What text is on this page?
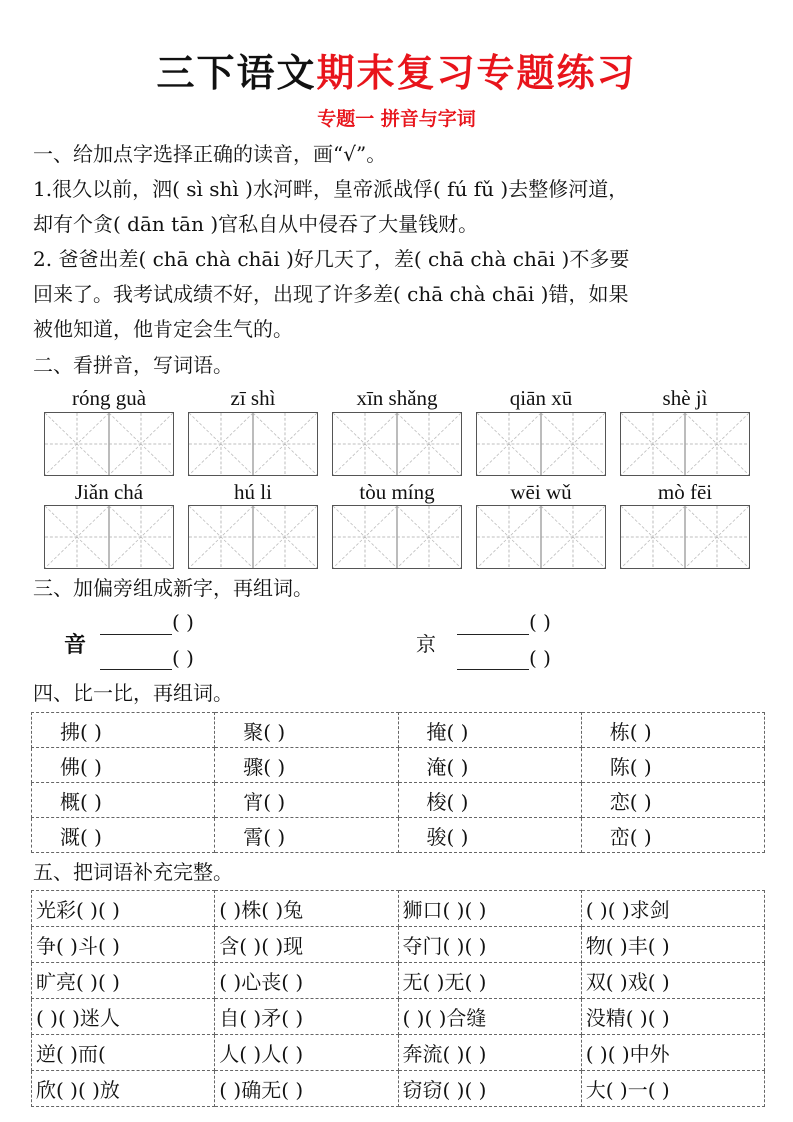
三下语文期末复习专题练习
专题一 拼音与字词
一、给加点字选择正确的读音，画“√”。
1.很久以前，泗( sì shì )水河畔，皇帝派战俘( fú fǔ )去整修河道，
却有个贪( dān tān )官私自从中侵吞了大量钱财。
2. 爸爸出差( chā chà chāi )好几天了，差( chā chà chāi )不多要
回来了。我考试成绩不好，出现了许多差( chā chà chāi )错，如果
被他知道，他肯定会生气的。
二、看拼音，写词语。
róng guà	zī shì	xīn shǎng	qiān xū	shè jì
Jiǎn chá	hú li	tòu míng	wēi wǔ	mò fēi
三、加偏旁组成新字，再组词。
音
( )
( )
京
( )
( )
四、比一比，再组词。
拂( )	聚( )	掩( )	栋( )
佛( )	骤( )	淹( )	陈( )
概( )	宵( )	梭( )	恋( )
溉( )	霄( )	骏( )	峦( )
五、把词语补充完整。
光彩( )( )	( )株( )兔	狮口( )( )	( )( )求剑
争( )斗( )	含( )( )现	夺门( )( )	物( )丰( )
旷亮( )( )	( )心丧( )	无( )无( )	双( )戏( )
( )( )迷人	自( )矛( )	( )( )合缝	没精( )( )
逆( )而(	人( )人( )	奔流( )( )	( )( )中外
欣( )( )放	( )确无( )	窃窃( )( )	大( )一( )
